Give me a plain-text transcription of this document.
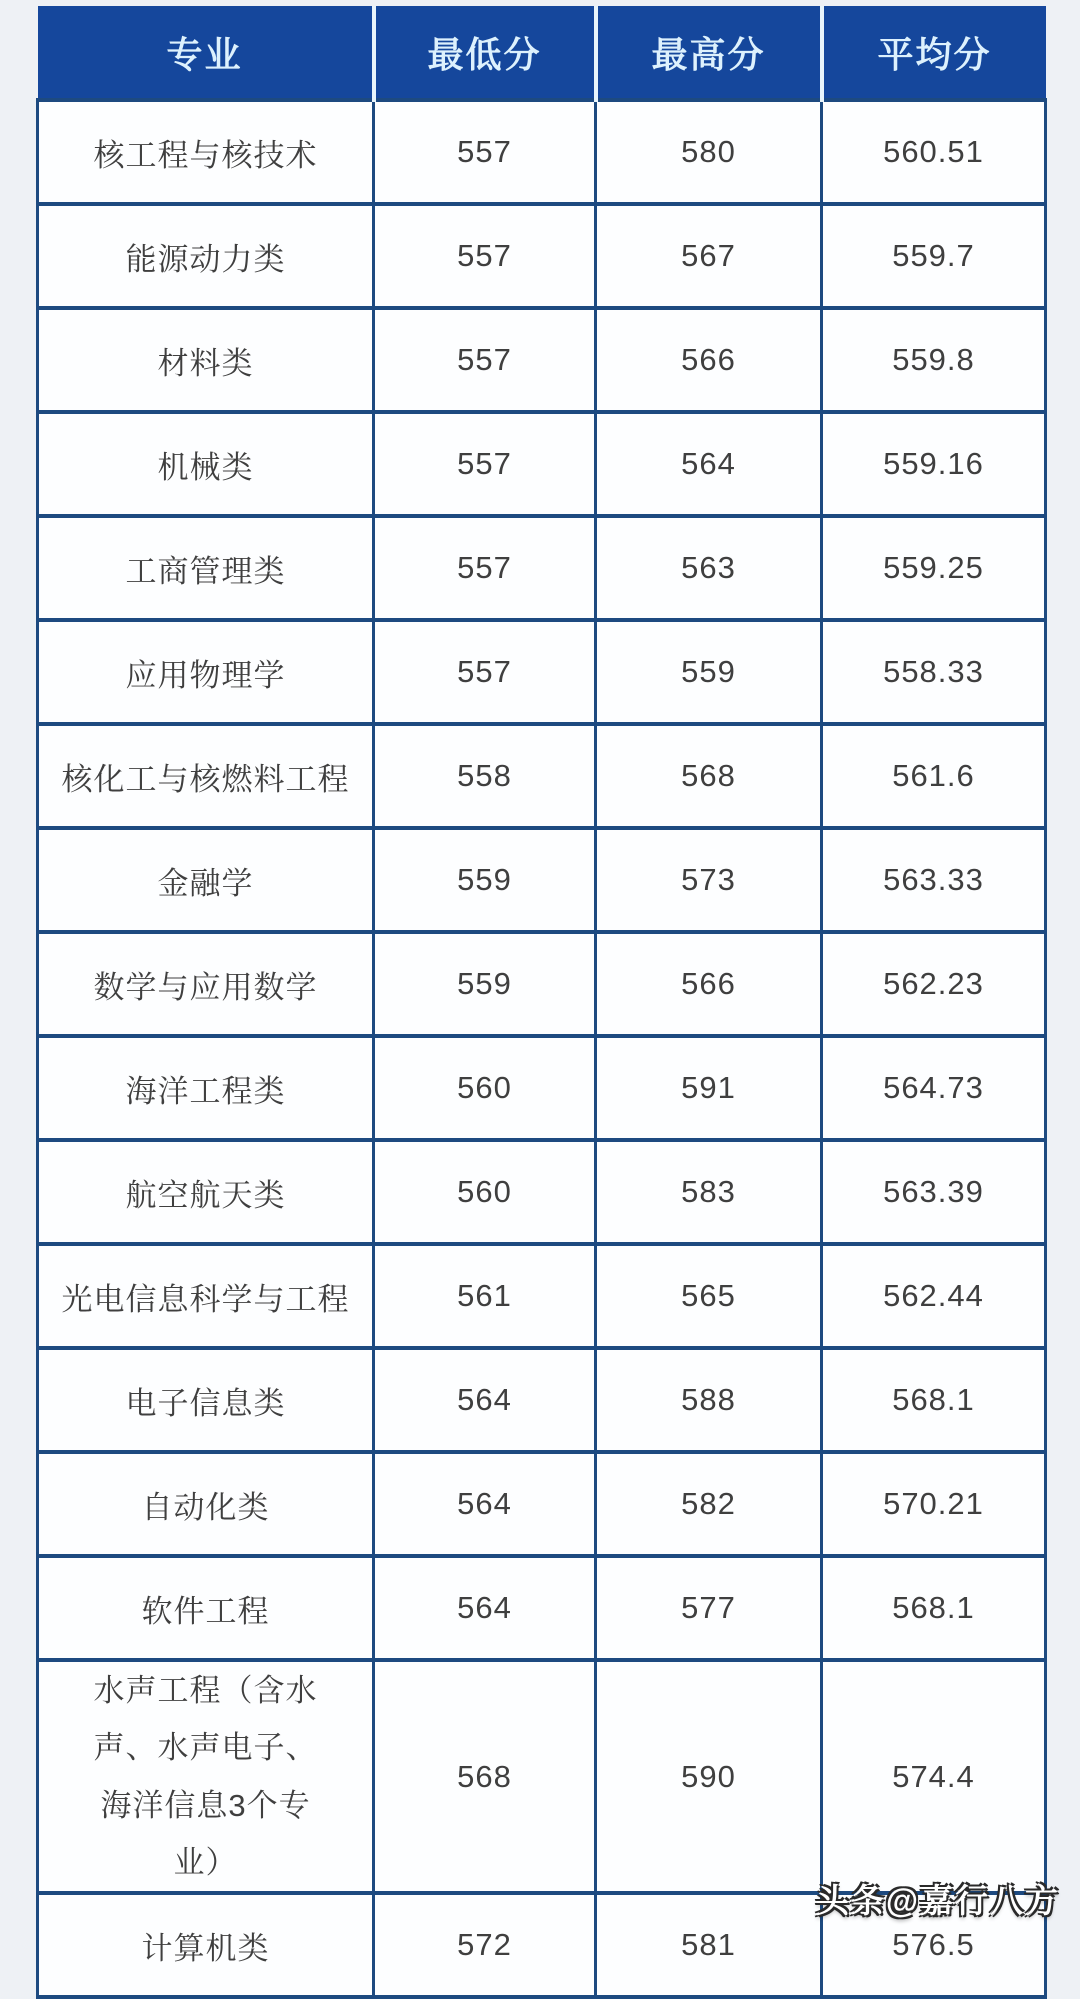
专业	最低分	最高分	平均分
核工程与核技术	557	580	560.51
能源动力类	557	567	559.7
材料类	557	566	559.8
机械类	557	564	559.16
工商管理类	557	563	559.25
应用物理学	557	559	558.33
核化工与核燃料工程	558	568	561.6
金融学	559	573	563.33
数学与应用数学	559	566	562.23
海洋工程类	560	591	564.73
航空航天类	560	583	563.39
光电信息科学与工程	561	565	562.44
电子信息类	564	588	568.1
自动化类	564	582	570.21
软件工程	564	577	568.1
水声工程（含水声、水声电子、海洋信息3个专业）	568	590	574.4
计算机类	572	581	576.5
头条@嘉行八方
